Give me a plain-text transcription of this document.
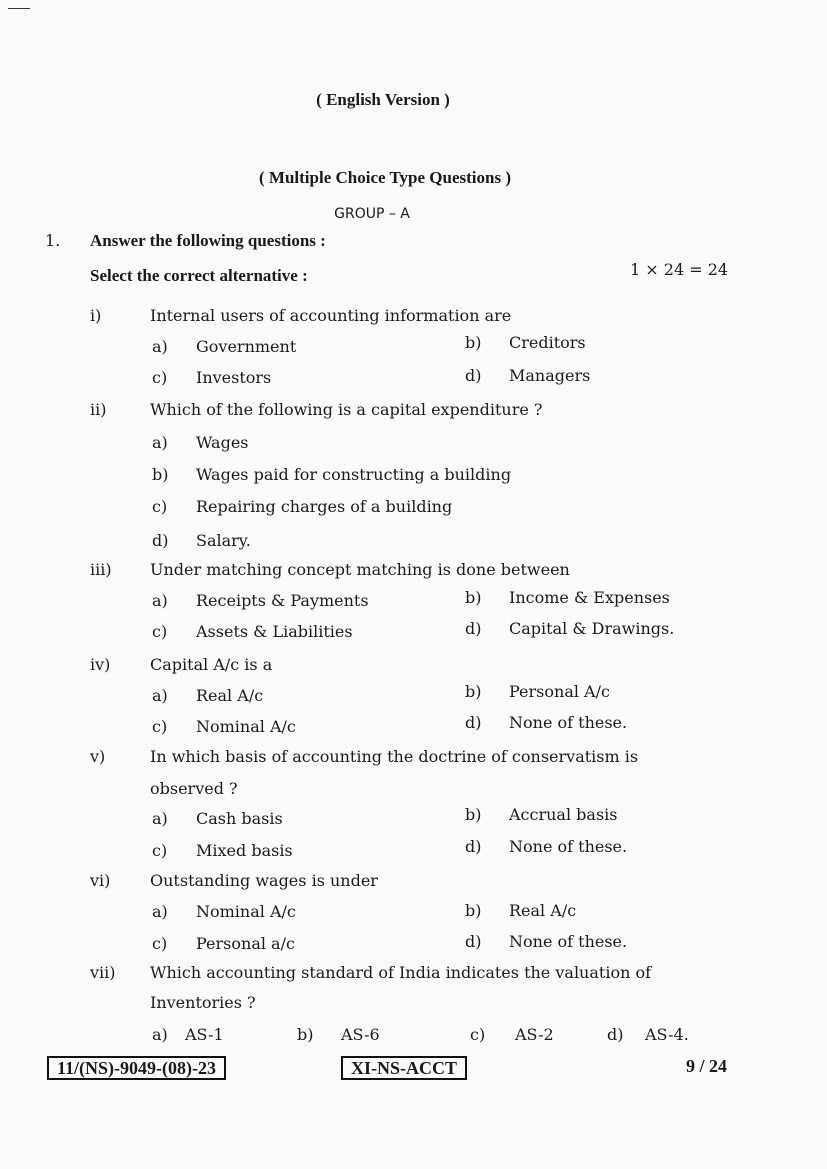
( English Version )
( Multiple Choice Type Questions )
GROUP – A
1. Answer the following questions :
Select the correct alternative :	1 × 24 = 24
i)	Internal users of accounting information are
a) Government	b) Creditors
c) Investors	d) Managers
ii)	Which of the following is a capital expenditure ?
a) Wages
b) Wages paid for constructing a building
c) Repairing charges of a building
d) Salary.
iii) Under matching concept matching is done between
a) Receipts & Payments	b) Income & Expenses
c) Assets & Liabilities	d) Capital & Drawings.
iv) Capital A/c is a
a) Real A/c	b) Personal A/c
c) Nominal A/c	d) None of these.
v)	In which basis of accounting the doctrine of conservatism is
observed ?
a) Cash basis	b) Accrual basis
c) Mixed basis	d) None of these.
vi) Outstanding wages is under
a) Nominal A/c	b) Real A/c
c) Personal a/c	d) None of these.
vii) Which accounting standard of India indicates the valuation of
Inventories ?
a) AS-1	b) AS-6	c) AS-2	d) AS-4.
11/(NS)-9049-(08)-23	XI-NS-ACCT	9 / 24
